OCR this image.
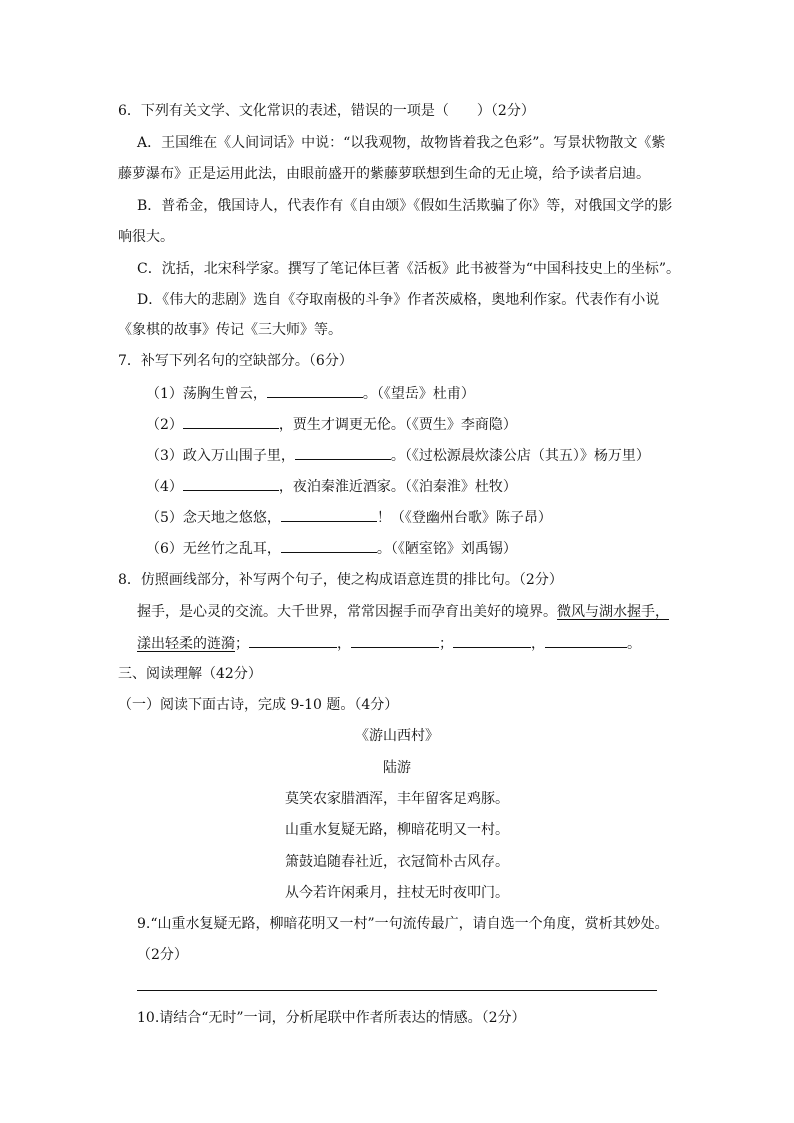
6．下列有关文学、文化常识的表述，错误的一项是（　　）（2分）
A．王国维在《人间词话》中说：“以我观物，故物皆着我之色彩”。写景状物散文《紫
藤萝瀑布》正是运用此法，由眼前盛开的紫藤萝联想到生命的无止境，给予读者启迪。
B．普希金，俄国诗人，代表作有《自由颂》《假如生活欺骗了你》等，对俄国文学的影
响很大。
C．沈括，北宋科学家。撰写了笔记体巨著《活板》此书被誉为“中国科技史上的坐标”。
D．《伟大的悲剧》选自《夺取南极的斗争》作者茨威格，奥地利作家。代表作有小说
《象棋的故事》传记《三大师》等。
7．补写下列名句的空缺部分。（6分）
（1）荡胸生曾云，	。（《望岳》杜甫）
（2）	，贾生才调更无伦。（《贾生》李商隐）
（3）政入万山围子里，	。（《过松源晨炊漆公店（其五）》杨万里）
（4）	，夜泊秦淮近酒家。（《泊秦淮》杜牧）
（5）念天地之悠悠，	！（《登幽州台歌》陈子昂）
（6）无丝竹之乱耳，	。（《陋室铭》刘禹锡）
8．仿照画线部分，补写两个句子，使之构成语意连贯的排比句。（2分）
握手，是心灵的交流。大千世界，常常因握手而孕育出美好的境界。微风与湖水握手，
漾出轻柔的涟漪；	，	；	，	。
三、阅读理解（42分）
（一）阅读下面古诗，完成 9-10 题。（4分）
《游山西村》
陆游
莫笑农家腊酒浑，丰年留客足鸡豚。
山重水复疑无路，柳暗花明又一村。
箫鼓追随春社近，衣冠简朴古风存。
从今若许闲乘月，拄杖无时夜叩门。
9.“山重水复疑无路，柳暗花明又一村”一句流传最广，请自选一个角度，赏析其妙处。
（2分）
10.请结合“无时”一词，分析尾联中作者所表达的情感。（2分）
